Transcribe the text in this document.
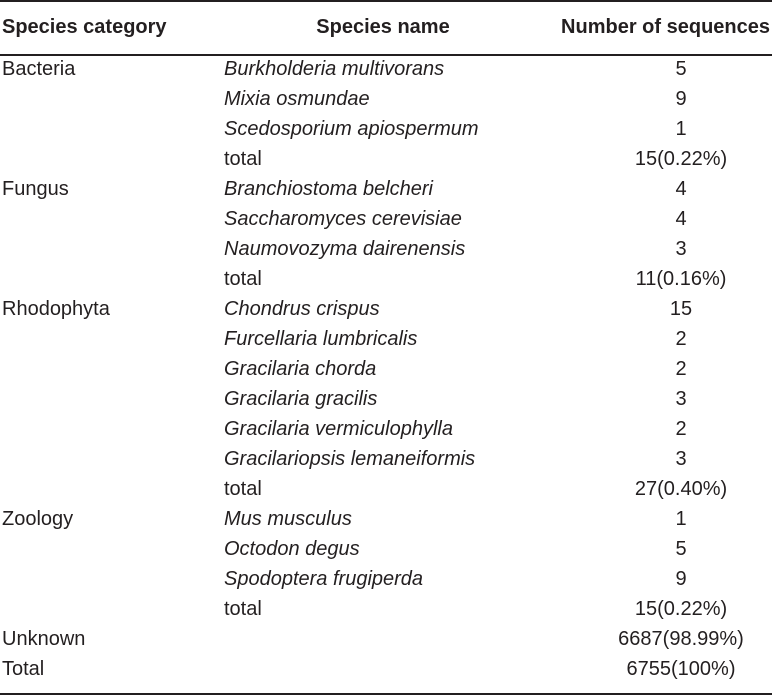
Species category	Species name	Number of sequences
Bacteria	Burkholderia multivorans	5
	Mixia osmundae	9
	Scedosporium apiospermum	1
	total	15(0.22%)
Fungus	Branchiostoma belcheri	4
	Saccharomyces cerevisiae	4
	Naumovozyma dairenensis	3
	total	11(0.16%)
Rhodophyta	Chondrus crispus	15
	Furcellaria lumbricalis	2
	Gracilaria chorda	2
	Gracilaria gracilis	3
	Gracilaria vermiculophylla	2
	Gracilariopsis lemaneiformis	3
	total	27(0.40%)
Zoology	Mus musculus	1
	Octodon degus	5
	Spodoptera frugiperda	9
	total	15(0.22%)
Unknown		6687(98.99%)
Total		6755(100%)
